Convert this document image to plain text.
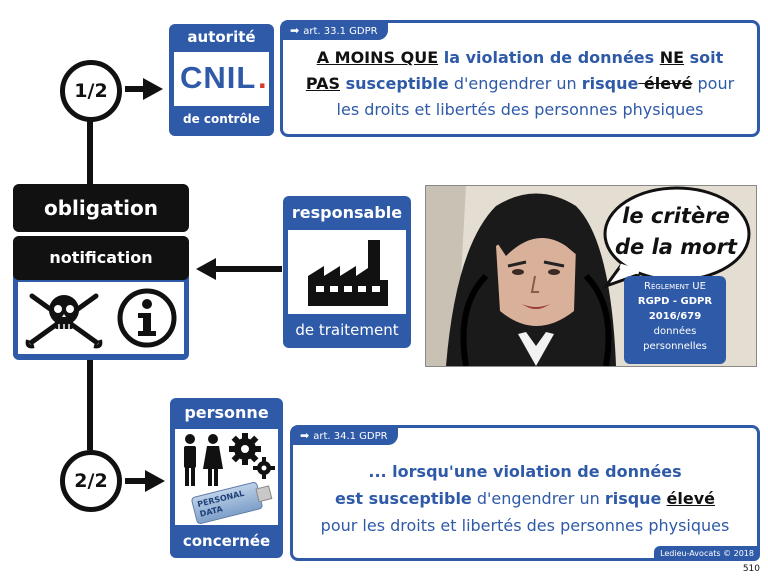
1/2
2/2
autorité
CNIL .
de contrôle
➡ art. 33.1 GDPR
A MOINS QUE la violation de données NE soit
PAS susceptible d'engendrer un risque élevé pour
les droits et libertés des personnes physiques
obligation
notification
responsable
de traitement
le critère
de la mort
Règlement UE
RGPD - GDPR
2016/679
données
personnelles
personne
PERSONAL DATA
concernée
➡ art. 34.1 GDPR
... lorsqu'une violation de données
est susceptible d'engendrer un risque élevé
pour les droits et libertés des personnes physiques
Ledieu-Avocats © 2018
510
